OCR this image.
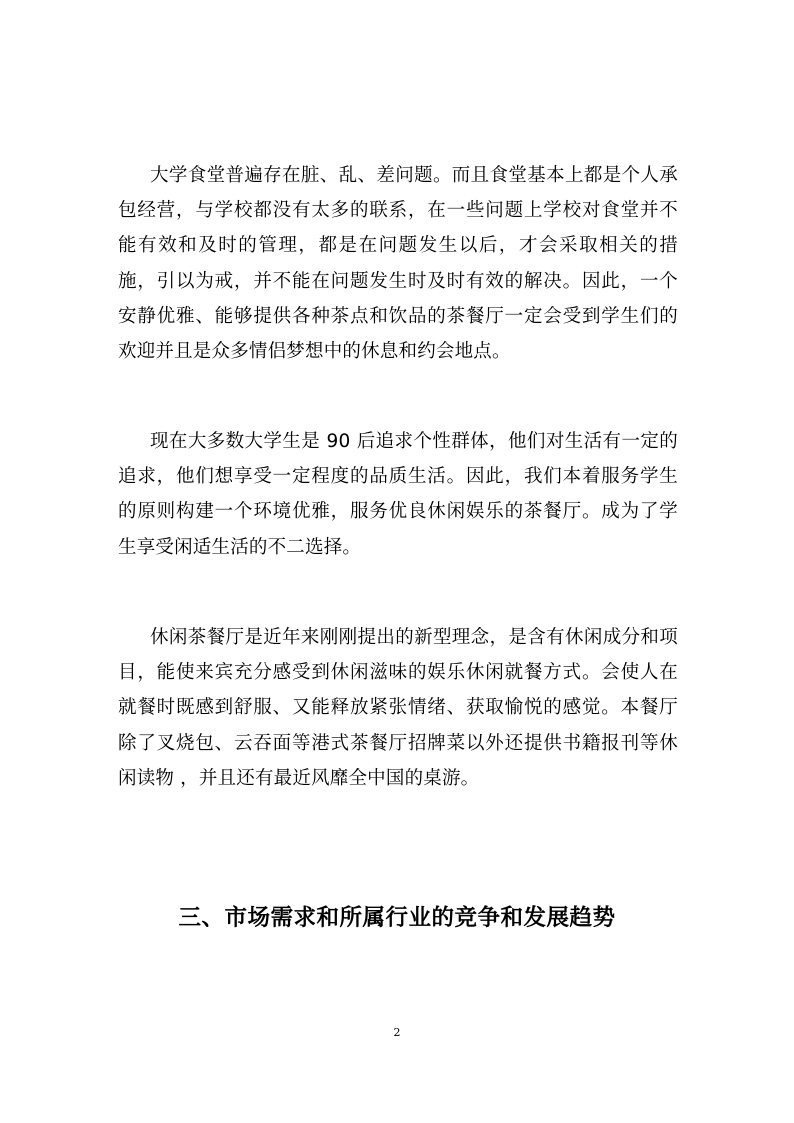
大学食堂普遍存在脏、乱、差问题。而且食堂基本上都是个人承包经营，与学校都没有太多的联系，在一些问题上学校对食堂并不能有效和及时的管理，都是在问题发生以后，才会采取相关的措施，引以为戒，并不能在问题发生时及时有效的解决。因此，一个安静优雅、能够提供各种茶点和饮品的茶餐厅一定会受到学生们的欢迎并且是众多情侣梦想中的休息和约会地点。

现在大多数大学生是 90 后追求个性群体，他们对生活有一定的追求，他们想享受一定程度的品质生活。因此，我们本着服务学生的原则构建一个环境优雅，服务优良休闲娱乐的茶餐厅。成为了学生享受闲适生活的不二选择。

休闲茶餐厅是近年来刚刚提出的新型理念，是含有休闲成分和项目，能使来宾充分感受到休闲滋味的娱乐休闲就餐方式。会使人在就餐时既感到舒服、又能释放紧张情绪、获取愉悦的感觉。本餐厅除了叉烧包、云吞面等港式茶餐厅招牌菜以外还提供书籍报刊等休闲读物 ，并且还有最近风靡全中国的桌游。

三、市场需求和所属行业的竞争和发展趋势
2
